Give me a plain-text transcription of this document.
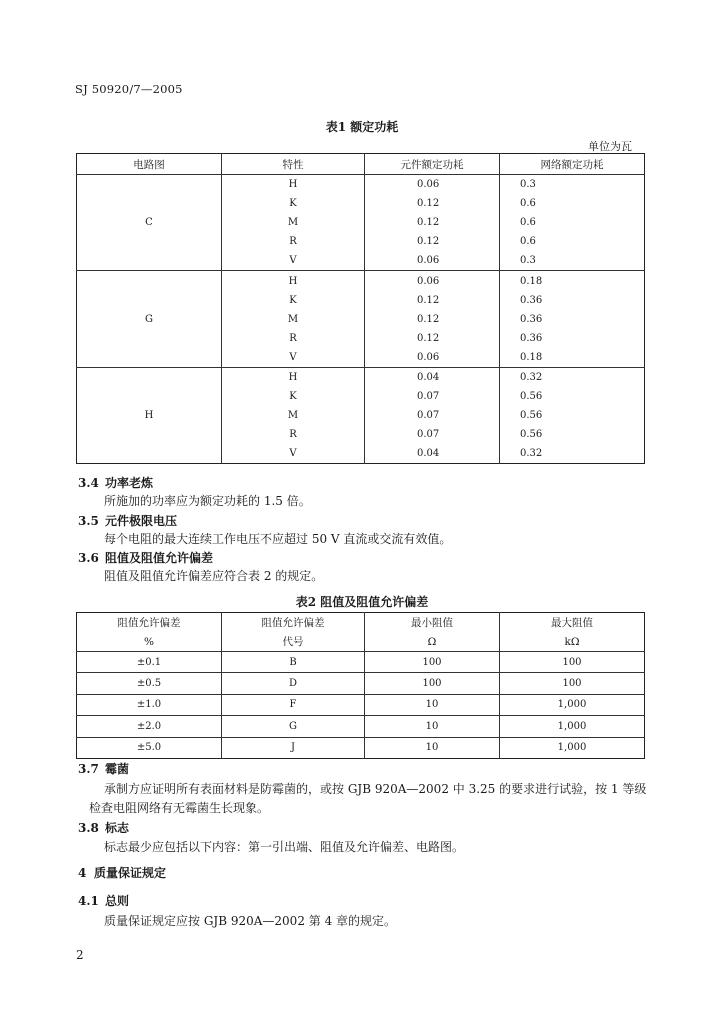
SJ 50920/7—2005
表1 额定功耗
单位为瓦
电路图	特性	元件额定功耗	网络额定功耗
C	H	0.06	0.3
	K	0.12	0.6
	M	0.12	0.6
	R	0.12	0.6
	V	0.06	0.3
G	H	0.06	0.18
	K	0.12	0.36
	M	0.12	0.36
	R	0.12	0.36
	V	0.06	0.18
H	H	0.04	0.32
	K	0.07	0.56
	M	0.07	0.56
	R	0.07	0.56
	V	0.04	0.32
3.4 功率老炼
所施加的功率应为额定功耗的 1.5 倍。
3.5 元件极限电压
每个电阻的最大连续工作电压不应超过 50 V 直流或交流有效值。
3.6 阻值及阻值允许偏差
阻值及阻值允许偏差应符合表 2 的规定。
表2 阻值及阻值允许偏差
阻值允许偏差	阻值允许偏差	最小阻值	最大阻值
%	代号	Ω	kΩ
±0.1	B	100	100
±0.5	D	100	100
±1.0	F	10	1,000
±2.0	G	10	1,000
±5.0	J	10	1,000
3.7 霉菌
承制方应证明所有表面材料是防霉菌的，或按 GJB 920A—2002 中 3.25 的要求进行试验，按 1 等级
检查电阻网络有无霉菌生长现象。
3.8 标志
标志最少应包括以下内容：第一引出端、阻值及允许偏差、电路图。
4 质量保证规定
4.1 总则
质量保证规定应按 GJB 920A—2002 第 4 章的规定。
2
